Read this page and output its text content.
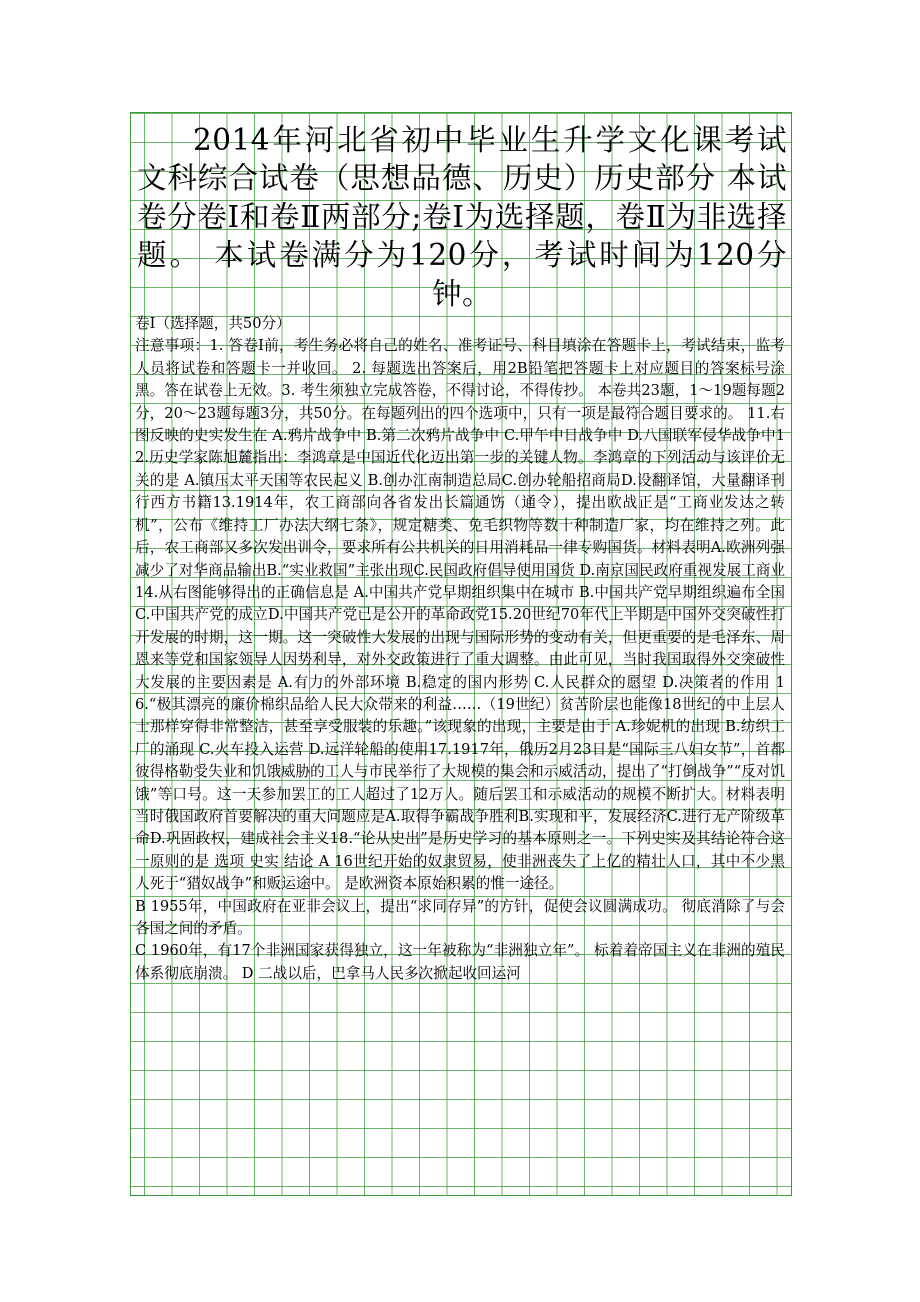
2014年河北省初中毕业生升学文化课考试 文科综合试卷（思想品德、历史）历史部分 本试卷分卷Ⅰ和卷Ⅱ两部分;卷Ⅰ为选择题，卷Ⅱ为非选择题。 本试卷满分为120分，考试时间为120分钟。
卷Ⅰ（选择题，共50分）
注意事项：1. 答卷Ⅰ前，考生务必将自己的姓名、准考证号、科目填涂在答题卡上，考试结束，监考人员将试卷和答题卡一并收回。 2. 每题选出答案后，用2B铅笔把答题卡上对应题目的答案标号涂黑。答在试卷上无效。3. 考生须独立完成答卷，不得讨论，不得传抄。 本卷共23题，1～19题每题2分，20～23题每题3分，共50分。在每题列出的四个选项中，只有一项是最符合题目要求的。 11.右图反映的史实发生在 A.鸦片战争中 B.第二次鸦片战争中 C.甲午中日战争中 D.八国联军侵华战争中12.历史学家陈旭麓指出：李鸿章是中国近代化迈出第一步的关键人物。李鸿章的下列活动与该评价无关的是 A.镇压太平天国等农民起义 B.创办江南制造总局C.创办轮船招商局D.设翻译馆，大量翻译刊行西方书籍13.1914年，农工商部向各省发出长篇通饬（通令），提出欧战正是“工商业发达之转机”，公布《维持工厂办法大纲七条》，规定糖类、免毛织物等数十种制造厂家，均在维持之列。此后，农工商部又多次发出训令，要求所有公共机关的日用消耗品一律专购国货。材料表明A.欧洲列强减少了对华商品输出B.“实业救国”主张出现C.民国政府倡导使用国货 D.南京国民政府重视发展工商业 14.从右图能够得出的正确信息是 A.中国共产党早期组织集中在城市 B.中国共产党早期组织遍布全国 C.中国共产党的成立D.中国共产党已是公开的革命政党15.20世纪70年代上半期是中国外交突破性打开发展的时期，这一期。这一突破性大发展的出现与国际形势的变动有关，但更重要的是毛泽东、周恩来等党和国家领导人因势利导，对外交政策进行了重大调整。由此可见，当时我国取得外交突破性大发展的主要因素是 A.有力的外部环境 B.稳定的国内形势 C.人民群众的愿望 D.决策者的作用 16.“极其漂亮的廉价棉织品给人民大众带来的利益……（19世纪）贫苦阶层也能像18世纪的中上层人士那样穿得非常整洁，甚至享受服装的乐趣。”该现象的出现，主要是由于 A.珍妮机的出现 B.纺织工厂的涌现 C.火车投入运营 D.远洋轮船的使用17.1917年，俄历2月23日是“国际三八妇女节”，首都彼得格勒受失业和饥饿威胁的工人与市民举行了大规模的集会和示威活动，提出了“打倒战争”“反对饥饿”等口号。这一天参加罢工的工人超过了12万人。随后罢工和示威活动的规模不断扩大。材料表明当时俄国政府首要解决的重大问题应是A.取得争霸战争胜利B.实现和平，发展经济C.进行无产阶级革命D.巩固政权，建成社会主义18.“论从史出”是历史学习的基本原则之一。下列史实及其结论符合这一原则的是 选项 史实 结论 A 16世纪开始的奴隶贸易，使非洲丧失了上亿的精壮人口，其中不少黑人死于“猎奴战争”和贩运途中。 是欧洲资本原始积累的惟一途径。
B 1955年，中国政府在亚非会议上，提出“求同存异”的方针，促使会议圆满成功。 彻底消除了与会各国之间的矛盾。
C 1960年，有17个非洲国家获得独立，这一年被称为“非洲独立年”。 标着着帝国主义在非洲的殖民体系彻底崩溃。 D 二战以后，巴拿马人民多次掀起收回运河
